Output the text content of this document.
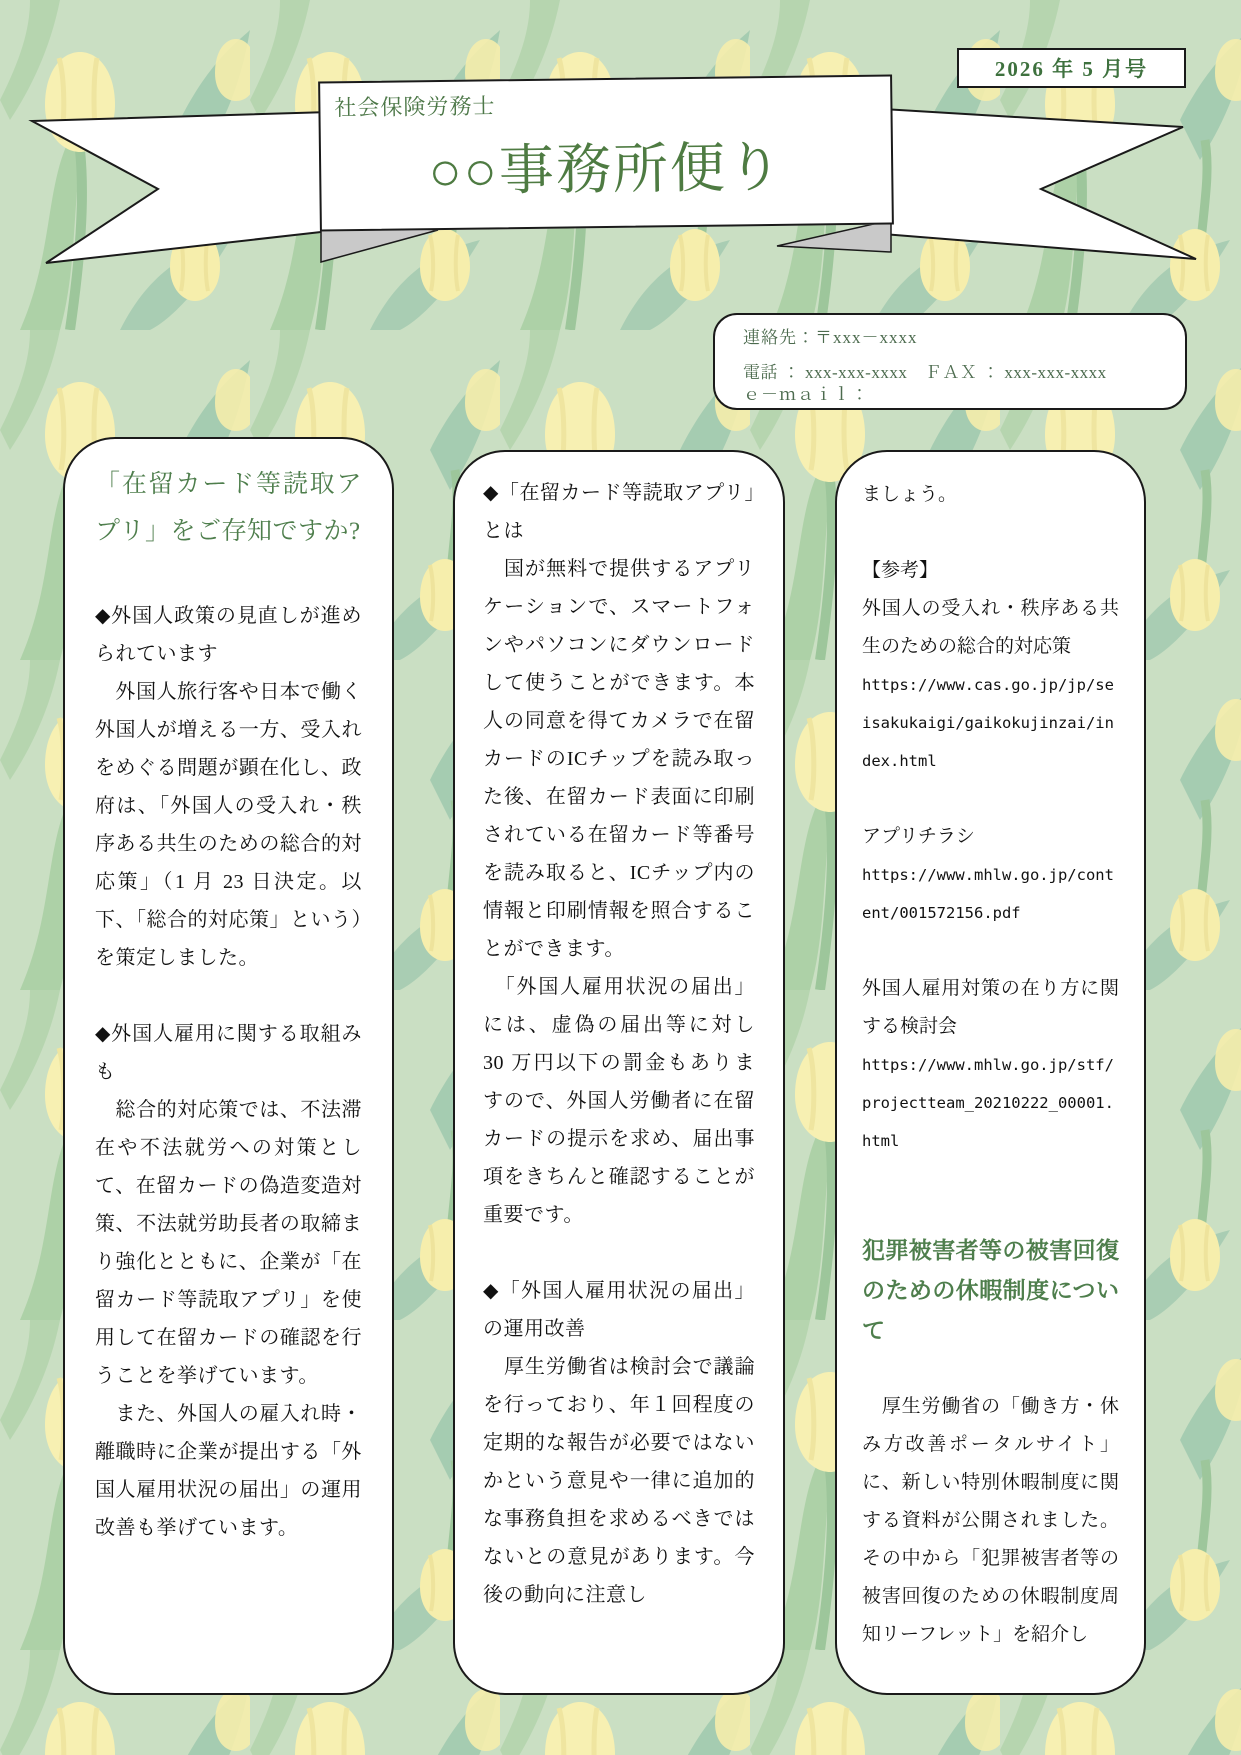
2026 年 5 月号
社会保険労務士
○○事務所便り
連絡先：〒xxx－xxxx
電話 ： xxx-xxx-xxxx　ＦＡＸ ： xxx-xxx-xxxx
ｅ－ｍａｉｌ：
「在留カード等読取アプリ」をご存知ですか?

◆外国人政策の見直しが進められています

　外国人旅行客や日本で働く外国人が増える一方、受入れをめぐる問題が顕在化し、政府は、「外国人の受入れ・秩序ある共生のための総合的対応策」（1 月 23 日決定。以下、「総合的対応策」という）を策定しました。

◆外国人雇用に関する取組みも

　総合的対応策では、不法滞在や不法就労への対策として、在留カードの偽造変造対策、不法就労助長者の取締まり強化とともに、企業が「在留カード等読取アプリ」を使用して在留カードの確認を行うことを挙げています。

　また、外国人の雇入れ時・離職時に企業が提出する「外国人雇用状況の届出」の運用改善も挙げています。

◆「在留カード等読取アプリ」とは

　国が無料で提供するアプリケーションで、スマートフォンやパソコンにダウンロードして使うことができます。本人の同意を得てカメラで在留カードのICチップを読み取った後、在留カード表面に印刷されている在留カード等番号を読み取ると、ICチップ内の情報と印刷情報を照合することができます。

　「外国人雇用状況の届出」には、虚偽の届出等に対し 30 万円以下の罰金もありますので、外国人労働者に在留カードの提示を求め、届出事項をきちんと確認することが重要です。

◆「外国人雇用状況の届出」の運用改善

　厚生労働省は検討会で議論を行っており、年１回程度の定期的な報告が必要ではないかという意見や一律に追加的な事務負担を求めるべきではないとの意見があります。今後の動向に注意し

ましょう。

【参考】

外国人の受入れ・秩序ある共生のための総合的対応策

https://www.cas.go.jp/jp/seisakukaigi/gaikokujinzai/index.html

アプリチラシ

https://www.mhlw.go.jp/content/001572156.pdf

外国人雇用対策の在り方に関する検討会

https://www.mhlw.go.jp/stf/projectteam_20210222_00001.html

犯罪被害者等の被害回復のための休暇制度について

　厚生労働省の「働き方・休み方改善ポータルサイト」に、新しい特別休暇制度に関する資料が公開されました。その中から「犯罪被害者等の被害回復のための休暇制度周知リーフレット」を紹介し
